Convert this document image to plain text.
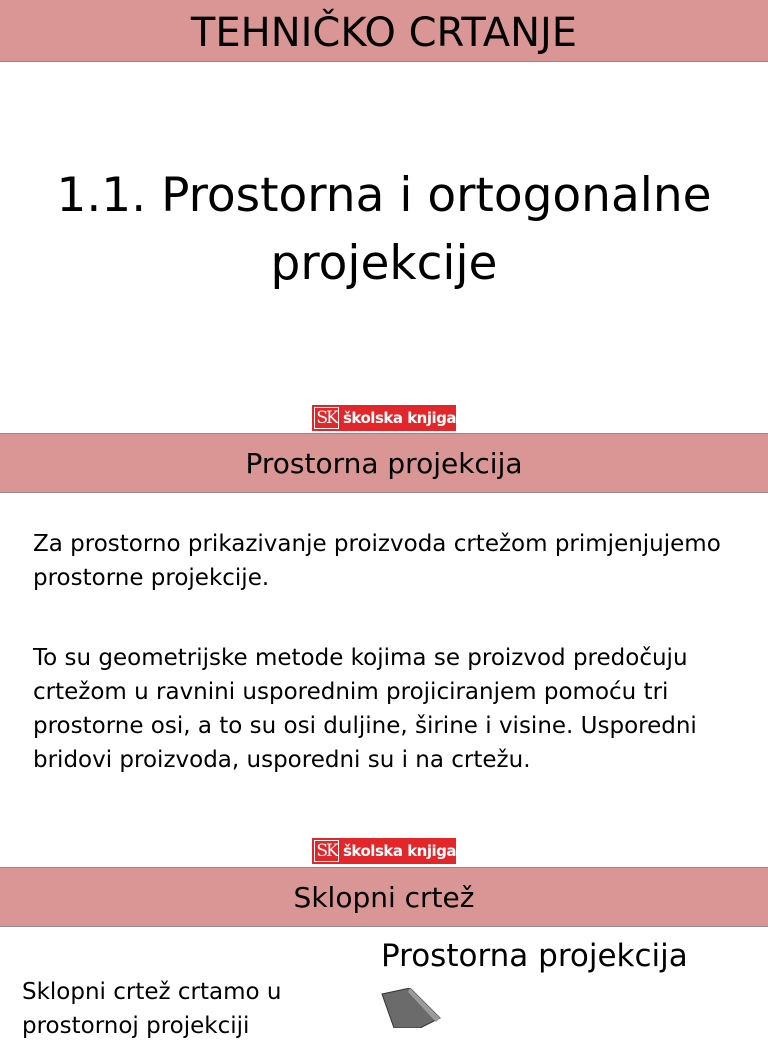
TEHNIČKO CRTANJE
1.1. Prostorna i ortogonalne
projekcije
SK školska knjiga
Prostorna projekcija

Za prostorno prikazivanje proizvoda crtežom primjenjujemo prostorne projekcije.

To su geometrijske metode kojima se proizvod predočuju crtežom u ravnini usporednim projiciranjem pomoću tri prostorne osi, a to su osi duljine, širine i visine. Usporedni bridovi proizvoda, usporedni su i na crtežu.

SK školska knjiga
Sklopni crtež
Prostorna projekcija

Sklopni crtež crtamo u
prostornoj projekciji
